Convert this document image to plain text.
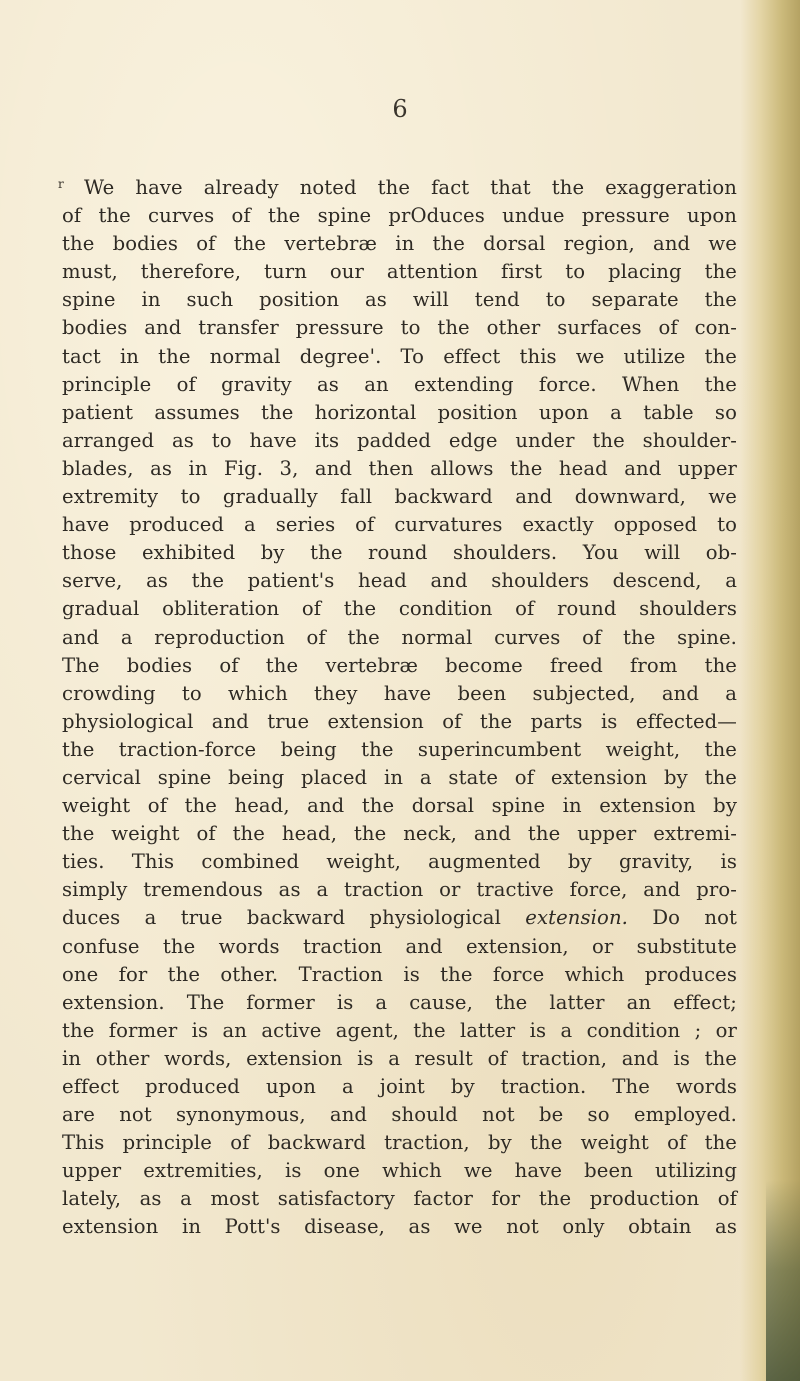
6
r	We have already noted the fact that the exaggeration
of the curves of the spine prOduces undue pressure upon
the bodies of the vertebræ in the dorsal region, and we
must, therefore, turn our attention first to placing the
spine in such position as will tend to separate the
bodies and transfer pressure to the other surfaces of con-
tact in the normal degree'. To effect this we utilize the
principle of gravity as an extending force. When the
patient assumes the horizontal position upon a table so
arranged as to have its padded edge under the shoulder-
blades, as in Fig. 3, and then allows the head and upper
extremity to gradually fall backward and downward, we
have produced a series of curvatures exactly opposed to
those exhibited by the round shoulders. You will ob-
serve, as the patient's head and shoulders descend, a
gradual obliteration of the condition of round shoulders
and a reproduction of the normal curves of the spine.
The bodies of the vertebræ become freed from the
crowding to which they have been subjected, and a
physiological and true extension of the parts is effected—
the traction-force being the superincumbent weight, the
cervical spine being placed in a state of extension by the
weight of the head, and the dorsal spine in extension by
the weight of the head, the neck, and the upper extremi-
ties. This combined weight, augmented by gravity, is
simply tremendous as a traction or tractive force, and pro-
duces a true backward physiological extension. Do not
confuse the words traction and extension, or substitute
one for the other. Traction is the force which produces
extension. The former is a cause, the latter an effect;
the former is an active agent, the latter is a condition ; or
in other words, extension is a result of traction, and is the
effect produced upon a joint by traction. The words
are not synonymous, and should not be so employed.
This principle of backward traction, by the weight of the
upper extremities, is one which we have been utilizing
lately, as a most satisfactory factor for the production of
extension in Pott's disease, as we not only obtain as
